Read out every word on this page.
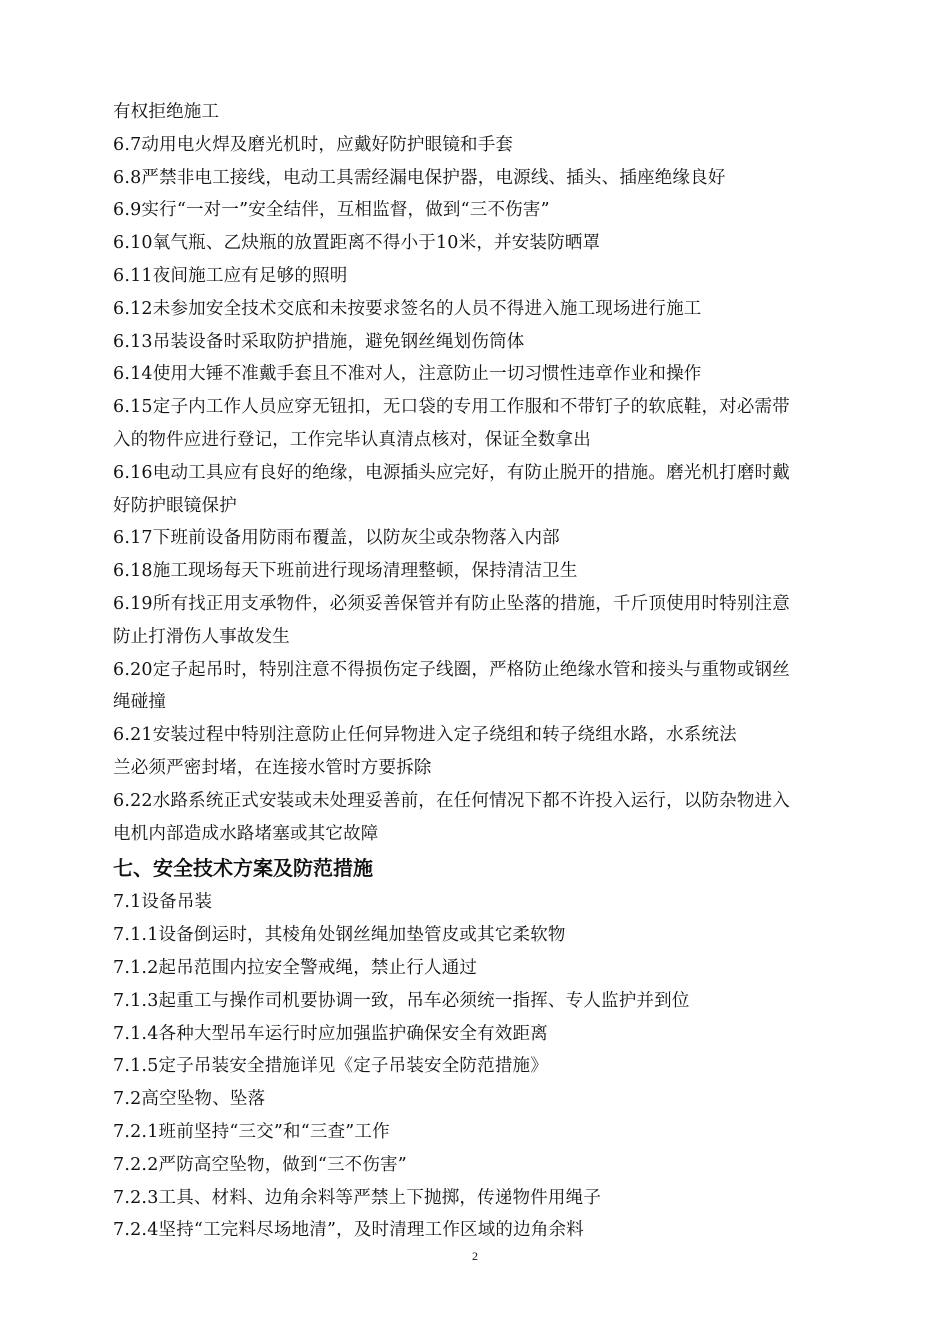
有权拒绝施工
6.7动用电火焊及磨光机时，应戴好防护眼镜和手套
6.8严禁非电工接线，电动工具需经漏电保护器，电源线、插头、插座绝缘良好
6.9实行“一对一”安全结伴，互相监督，做到“三不伤害”
6.10氧气瓶、乙炔瓶的放置距离不得小于10米，并安装防晒罩
6.11夜间施工应有足够的照明
6.12未参加安全技术交底和未按要求签名的人员不得进入施工现场进行施工
6.13吊装设备时采取防护措施，避免钢丝绳划伤筒体
6.14使用大锤不准戴手套且不准对人，注意防止一切习惯性违章作业和操作
6.15定子内工作人员应穿无钮扣，无口袋的专用工作服和不带钉子的软底鞋，对必需带
入的物件应进行登记，工作完毕认真清点核对，保证全数拿出
6.16电动工具应有良好的绝缘，电源插头应完好，有防止脱开的措施。磨光机打磨时戴
好防护眼镜保护
6.17下班前设备用防雨布覆盖，以防灰尘或杂物落入内部
6.18施工现场每天下班前进行现场清理整顿，保持清洁卫生
6.19所有找正用支承物件，必须妥善保管并有防止坠落的措施，千斤顶使用时特别注意
防止打滑伤人事故发生
6.20定子起吊时，特别注意不得损伤定子线圈，严格防止绝缘水管和接头与重物或钢丝
绳碰撞
6.21安装过程中特别注意防止任何异物进入定子绕组和转子绕组水路，水系统法
兰必须严密封堵，在连接水管时方要拆除
6.22水路系统正式安装或未处理妥善前，在任何情况下都不许投入运行，以防杂物进入
电机内部造成水路堵塞或其它故障
七、安全技术方案及防范措施
7.1设备吊装
7.1.1设备倒运时，其棱角处钢丝绳加垫管皮或其它柔软物
7.1.2起吊范围内拉安全警戒绳，禁止行人通过
7.1.3起重工与操作司机要协调一致，吊车必须统一指挥、专人监护并到位
7.1.4各种大型吊车运行时应加强监护确保安全有效距离
7.1.5定子吊装安全措施详见《定子吊装安全防范措施》
7.2高空坠物、坠落
7.2.1班前坚持“三交”和“三查”工作
7.2.2严防高空坠物，做到“三不伤害”
7.2.3工具、材料、边角余料等严禁上下抛掷，传递物件用绳子
7.2.4坚持“工完料尽场地清”，及时清理工作区域的边角余料
2
